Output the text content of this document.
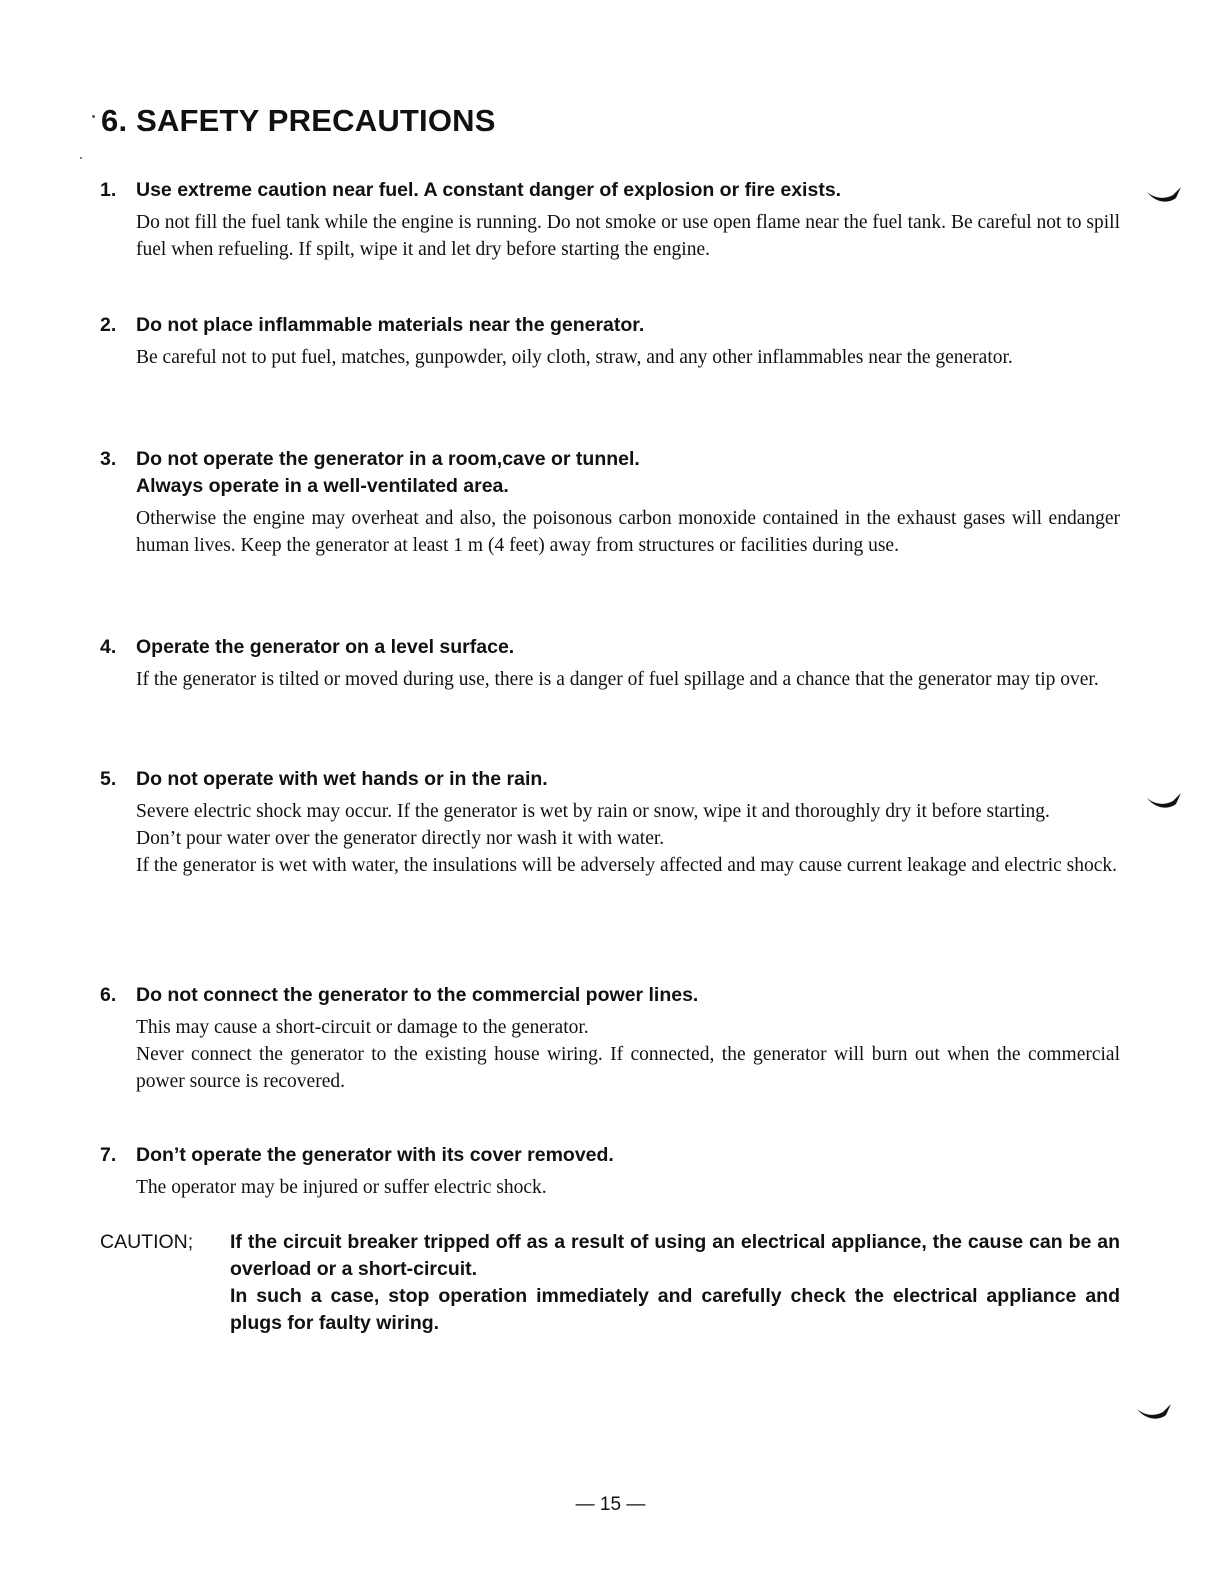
6. SAFETY PRECAUTIONS
1.	Use extreme caution near fuel. A constant danger of explosion or fire exists.

Do not fill the fuel tank while the engine is running. Do not smoke or use open flame near the fuel tank. Be careful not to spill fuel when refueling. If spilt, wipe it and let dry before starting the engine.

2.	Do not place inflammable materials near the generator.

Be careful not to put fuel, matches, gunpowder, oily cloth, straw, and any other inflammables near the generator.

3.	Do not operate the generator in a room,cave or tunnel.
Always operate in a well-ventilated area.

Otherwise the engine may overheat and also, the poisonous carbon monoxide contained in the exhaust gases will endanger human lives. Keep the generator at least 1 m (4 feet) away from structures or facilities during use.

4.	Operate the generator on a level surface.

If the generator is tilted or moved during use, there is a danger of fuel spillage and a chance that the generator may tip over.

5.	Do not operate with wet hands or in the rain.

Severe electric shock may occur. If the generator is wet by rain or snow, wipe it and thoroughly dry it before starting.

Don’t pour water over the generator directly nor wash it with water.

If the generator is wet with water, the insulations will be adversely affected and may cause current leakage and electric shock.

6.	Do not connect the generator to the commercial power lines.

This may cause a short-circuit or damage to the generator.

Never connect the generator to the existing house wiring. If connected, the generator will burn out when the commercial power source is recovered.

7.	Don’t operate the generator with its cover removed.

The operator may be injured or suffer electric shock.

CAUTION;	If the circuit breaker tripped off as a result of using an electrical appliance, the cause can be an overload or a short-circuit.

In such a case, stop operation immediately and carefully check the electrical appliance and plugs for faulty wiring.

— 15 —
